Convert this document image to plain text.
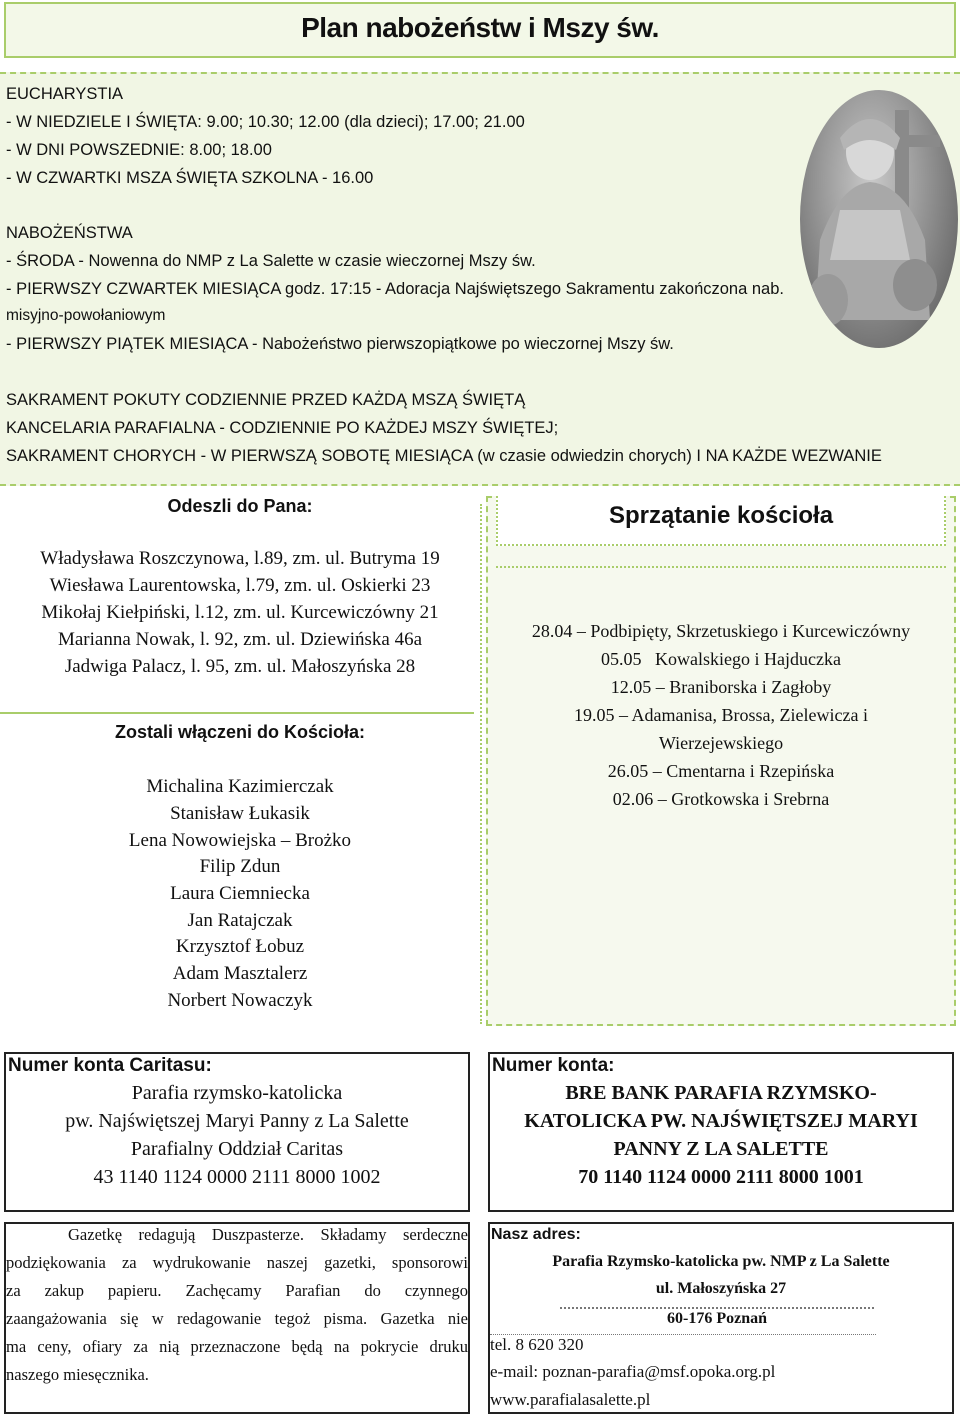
Plan nabożeństw i Mszy św.
EUCHARYSTIA
- W NIEDZIELE I ŚWIĘTA: 9.00; 10.30; 12.00 (dla dzieci); 17.00; 21.00
- W DNI POWSZEDNIE: 8.00; 18.00
- W CZWARTKI MSZA ŚWIĘTA SZKOLNA - 16.00
NABOŻEŃSTWA
- ŚRODA - Nowenna do NMP z La Salette w czasie wieczornej Mszy św.
- PIERWSZY CZWARTEK MIESIĄCA godz. 17:15 - Adoracja Najświętszego Sakramentu zakończona nab.
misyjno-powołaniowym
- PIERWSZY PIĄTEK MIESIĄCA - Nabożeństwo pierwszopiątkowe po wieczornej Mszy św.
SAKRAMENT POKUTY CODZIENNIE PRZED KAŻDĄ MSZĄ ŚWIĘTĄ
KANCELARIA PARAFIALNA - CODZIENNIE PO KAŻDEJ MSZY ŚWIĘTEJ;
SAKRAMENT CHORYCH - W PIERWSZĄ SOBOTĘ MIESIĄCA (w czasie odwiedzin chorych) I NA KAŻDE WEZWANIE
Odeszli do Pana:
Władysława Roszczynowa, l.89, zm. ul. Butryma 19
Wiesława Laurentowska, l.79, zm. ul. Oskierki 23
Mikołaj Kiełpiński, l.12, zm. ul. Kurcewiczówny 21
Marianna Nowak, l. 92, zm. ul. Dziewińska 46a
Jadwiga Palacz, l. 95, zm. ul. Małoszyńska 28
Zostali włączeni do Kościoła:
Michalina Kazimierczak
Stanisław Łukasik
Lena Nowowiejska – Brożko
Filip Zdun
Laura Ciemniecka
Jan Ratajczak
Krzysztof Łobuz
Adam Masztalerz
Norbert Nowaczyk
Sprzątanie kościoła
28.04 – Podbipięty, Skrzetuskiego i Kurcewiczówny
05.05   Kowalskiego i Hajduczka
12.05 – Braniborska i Zagłoby
19.05 – Adamanisa, Brossa, Zielewicza i
Wierzejewskiego
26.05 – Cmentarna i Rzepińska
02.06 – Grotkowska i Srebrna
Numer konta Caritasu:
Parafia rzymsko-katolicka
pw. Najświętszej Maryi Panny z La Salette
Parafialny Oddział Caritas
43 1140 1124 0000 2111 8000 1002
Numer konta:
BRE BANK PARAFIA RZYMSKO-
KATOLICKA PW. NAJŚWIĘTSZEJ MARYI
PANNY Z LA SALETTE
70 1140 1124 0000 2111 8000 1001
Gazetkę redagują Duszpasterze. Składamy serdeczne
podziękowania za wydrukowanie naszej gazetki, sponsorowi
za zakup papieru. Zachęcamy Parafian do czynnego
zaangażowania się w redagowanie tegoż pisma. Gazetka nie
ma ceny, ofiary za nią przeznaczone będą na pokrycie druku
naszego miesęcznika.
Nasz adres:
Parafia Rzymsko-katolicka pw. NMP z La Salette
ul. Małoszyńska 27
60-176 Poznań
tel. 8 620 320
e-mail: poznan-parafia@msf.opoka.org.pl
www.parafialasalette.pl
